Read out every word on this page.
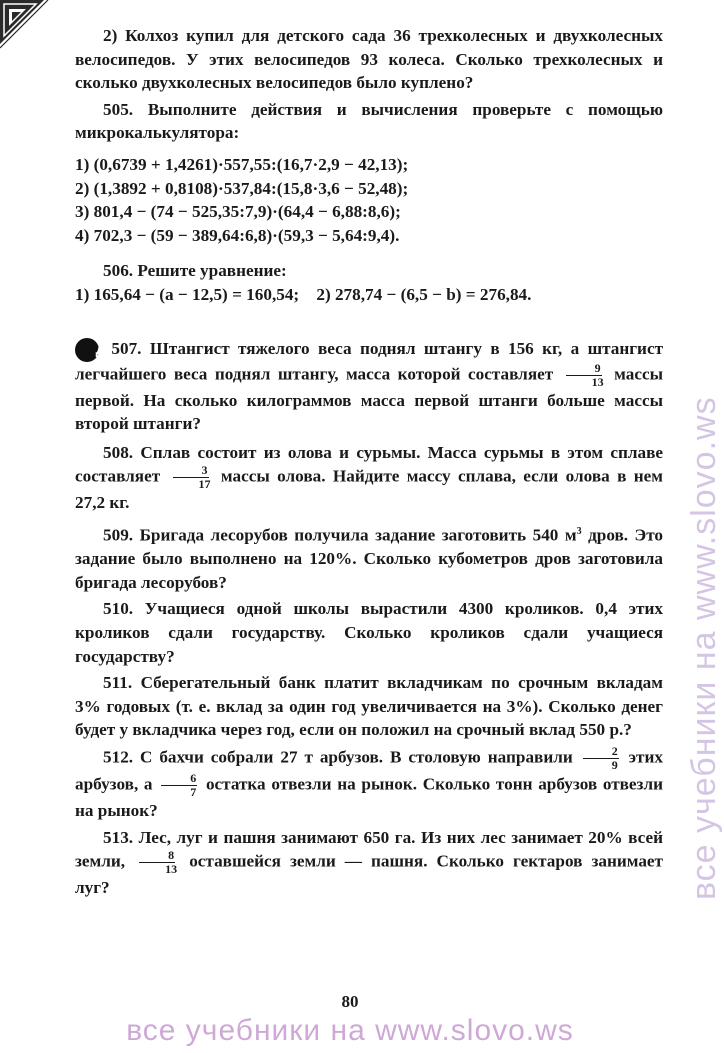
2) Колхоз купил для детского сада 36 трехколесных и двухколесных велосипедов. У этих велосипедов 93 колеса. Сколько трехколесных и сколько двухколесных велосипедов было куплено?

505. Выполните действия и вычисления проверьте с помощью микрокалькулятора:

1) (0,6739 + 1,4261)·557,55:(16,7·2,9 − 42,13);
2) (1,3892 + 0,8108)·537,84:(15,8·3,6 − 52,48);
3) 801,4 − (74 − 525,35:7,9)·(64,4 − 6,88:8,6);
4) 702,3 − (59 − 389,64:6,8)·(59,3 − 5,64:9,4).

506. Решите уравнение:

1) 165,64 − (a − 12,5) = 160,54; 2) 278,74 − (6,5 − b) = 276,84.

Д 507. Штангист тяжелого веса поднял штангу в 156 кг, а штангист легчайшего веса поднял штангу, масса которой составляет $\frac{9}{13}$ массы первой. На сколько килограммов масса первой штанги больше массы второй штанги?

508. Сплав состоит из олова и сурьмы. Масса сурьмы в этом сплаве составляет $\frac{3}{17}$ массы олова. Найдите массу сплава, если олова в нем 27,2 кг.

509. Бригада лесорубов получила задание заготовить 540 $м^3$ дров. Это задание было выполнено на 120%. Сколько кубометров дров заготовила бригада лесорубов?

510. Учащиеся одной школы вырастили 4300 кроликов. 0,4 этих кроликов сдали государству. Сколько кроликов сдали учащиеся государству?

511. Сберегательный банк платит вкладчикам по срочным вкладам 3% годовых (т. е. вклад за один год увеличивается на 3%). Сколько денег будет у вкладчика через год, если он положил на срочный вклад 550 р.?

512. С бахчи собрали 27 т арбузов. В столовую направили $\frac{2}{9}$ этих арбузов, а $\frac{6}{7}$ остатка отвезли на рынок. Сколько тонн арбузов отвезли на рынок?

513. Лес, луг и пашня занимают 650 га. Из них лес занимает 20% всей земли, $\frac{8}{13}$ оставшейся земли — пашня. Сколько гектаров занимает луг?

80
все учебники на www.slovo.ws
все учебники на www.slovo.ws
